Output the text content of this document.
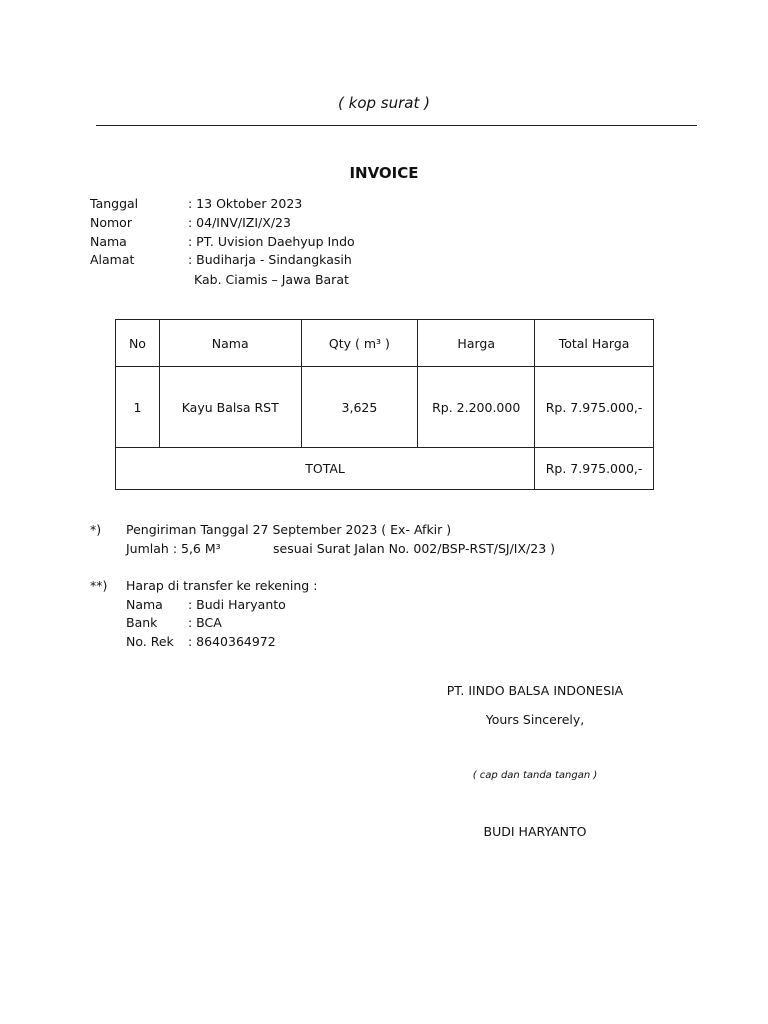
( kop surat )
INVOICE
Tanggal	: 13 Oktober 2023
Nomor	: 04/INV/IZI/X/23
Nama	: PT. Uvision Daehyup Indo
Alamat	: Budiharja - Sindangkasih
Kab. Ciamis – Jawa Barat
No	Nama	Qty ( m³ )	Harga	Total Harga
1	Kayu Balsa RST	3,625	Rp. 2.200.000	Rp. 7.975.000,-
TOTAL				Rp. 7.975.000,-
*) Pengiriman Tanggal 27 September 2023 ( Ex- Afkir )
Jumlah : 5,6 M³	sesuai Surat Jalan No. 002/BSP-RST/SJ/IX/23 )
**) Harap di transfer ke rekening :
Nama : Budi Haryanto
Bank : BCA
No. Rek : 8640364972
PT. IINDO BALSA INDONESIA
Yours Sincerely,
( cap dan tanda tangan )
BUDI HARYANTO
